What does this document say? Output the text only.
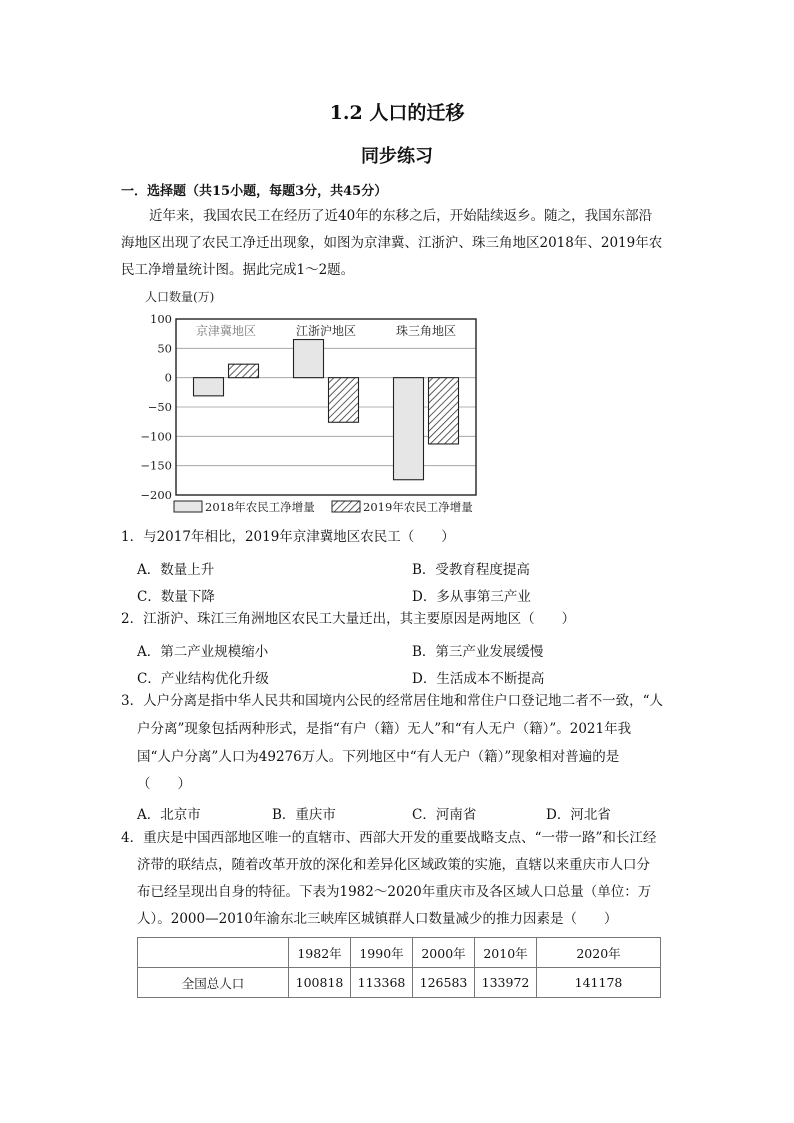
1.2 人口的迁移
同步练习
一．选择题（共15小题，每题3分，共45分）
近年来，我国农民工在经历了近40年的东移之后，开始陆续返乡。随之，我国东部沿
海地区出现了农民工净迁出现象，如图为京津冀、江浙沪、珠三角地区2018年、2019年农
民工净增量统计图。据此完成1～2题。
人口数量(万)
100
50
0
−50
−100
−150
−200
京津冀地区	江浙沪地区	珠三角地区
2018年农民工净增量	2019年农民工净增量
1．与2017年相比，2019年京津冀地区农民工（　　）
A．数量上升	B．受教育程度提高
C．数量下降	D．多从事第三产业
2．江浙沪、珠江三角洲地区农民工大量迁出，其主要原因是两地区（　　）
A．第二产业规模缩小	B．第三产业发展缓慢
C．产业结构优化升级	D．生活成本不断提高
3．人户分离是指中华人民共和国境内公民的经常居住地和常住户口登记地二者不一致，“人
户分离”现象包括两种形式，是指“有户（籍）无人”和“有人无户（籍）”。2021年我
国“人户分离”人口为49276万人。下列地区中“有人无户（籍）”现象相对普遍的是
（　　）
A．北京市	B．重庆市	C．河南省	D．河北省
4．重庆是中国西部地区唯一的直辖市、西部大开发的重要战略支点、“一带一路”和长江经
济带的联结点，随着改革开放的深化和差异化区域政策的实施，直辖以来重庆市人口分
布已经呈现出自身的特征。下表为1982～2020年重庆市及各区域人口总量（单位：万
人）。2000—2010年渝东北三峡库区城镇群人口数量减少的推力因素是（　　）
	1982年	1990年	2000年	2010年	2020年
全国总人口	100818	113368	126583	133972	141178
